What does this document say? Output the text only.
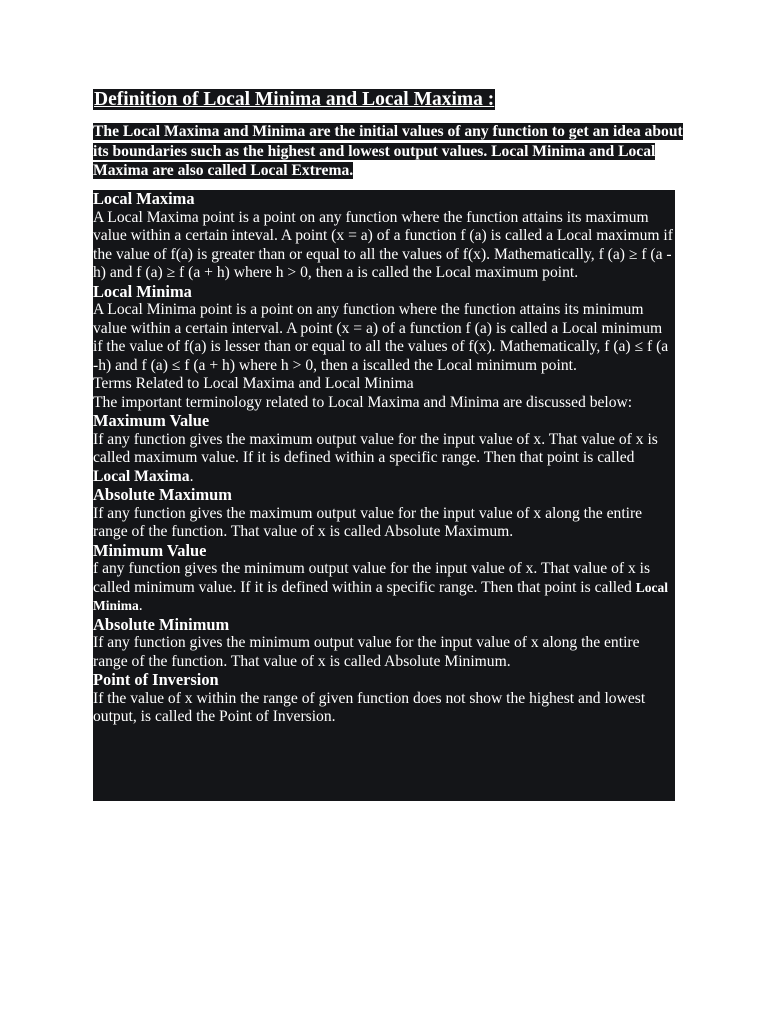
Definition of Local Minima and Local Maxima :

The Local Maxima and Minima are the initial values of any function to get an idea about its boundaries such as the highest and lowest output values. Local Minima and Local Maxima are also called Local Extrema.

Local Maxima

A Local Maxima point is a point on any function where the function attains its maximum value within a certain inteval. A point (x = a) of a function f (a) is called a Local maximum if the value of f(a) is greater than or equal to all the values of f(x). Mathematically, f (a) ≥ f (a -h) and f (a) ≥ f (a + h) where h > 0, then a is called the Local maximum point.

Local Minima

A Local Minima point is a point on any function where the function attains its minimum value within a certain interval. A point (x = a) of a function f (a) is called a Local minimum if the value of f(a) is lesser than or equal to all the values of f(x). Mathematically, f (a) ≤ f (a -h) and f (a) ≤ f (a + h) where h > 0, then a iscalled the Local minimum point.

Terms Related to Local Maxima and Local Minima

The important terminology related to Local Maxima and Minima are discussed below:

Maximum Value

If any function gives the maximum output value for the input value of x. That value of x is called maximum value. If it is defined within a specific range. Then that point is called Local Maxima.

Absolute Maximum

If any function gives the maximum output value for the input value of x along the entire range of the function. That value of x is called Absolute Maximum.

Minimum Value

f any function gives the minimum output value for the input value of x. That value of x is called minimum value. If it is defined within a specific range. Then that point is called Local Minima.

Absolute Minimum

If any function gives the minimum output value for the input value of x along the entire range of the function. That value of x is called Absolute Minimum.

Point of Inversion

If the value of x within the range of given function does not show the highest and lowest output, is called the Point of Inversion.
